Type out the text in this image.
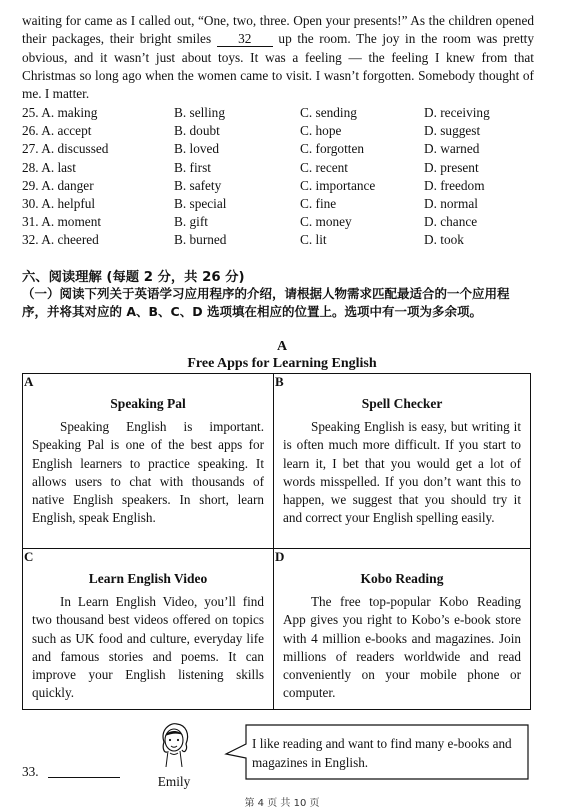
waiting for came as I called out, “One, two, three. Open your presents!” As the children opened their packages, their bright smiles 32 up the room. The joy in the room was pretty obvious, and it wasn’t just about toys. It was a feeling — the feeling I knew from that Christmas so long ago when the women came to visit. I wasn’t forgotten. Somebody thought of me. I matter.
25. A. making	B. selling	C. sending	D. receiving
26. A. accept	B. doubt	C. hope	D. suggest
27. A. discussed	B. loved	C. forgotten	D. warned
28. A. last	B. first	C. recent	D. present
29. A. danger	B. safety	C. importance	D. freedom
30. A. helpful	B. special	C. fine	D. normal
31. A. moment	B. gift	C. money	D. chance
32. A. cheered	B. burned	C. lit	D. took
六、阅读理解 (每题 2 分，共 26 分)
（一）阅读下列关于英语学习应用程序的介绍，请根据人物需求匹配最适合的一个应用程序，并将其对应的 A、B、C、D 选项填在相应的位置上。选项中有一项为多余项。
A
Free Apps for Learning English
A
Speaking Pal
Speaking English is important. Speaking Pal is one of the best apps for English learners to practice speaking. It allows users to chat with thousands of native English speakers. In short, learn English, speak English.
B
Spell Checker
Speaking English is easy, but writing it is often much more difficult. If you start to learn it, I bet that you would get a lot of words misspelled. If you don’t want this to happen, we suggest that you should try it and correct your English spelling easily.
C
Learn English Video
In Learn English Video, you’ll find two thousand best videos offered on topics such as UK food and culture, everyday life and famous stories and poems. It can improve your English listening skills quickly.
D
Kobo Reading
The free top-popular Kobo Reading App gives you right to Kobo’s e-book store with 4 million e-books and magazines. Join millions of readers worldwide and read conveniently on your mobile phone or computer.
33.
Emily
I like reading and want to find many e-books and magazines in English.
第 4 页 共 10 页
